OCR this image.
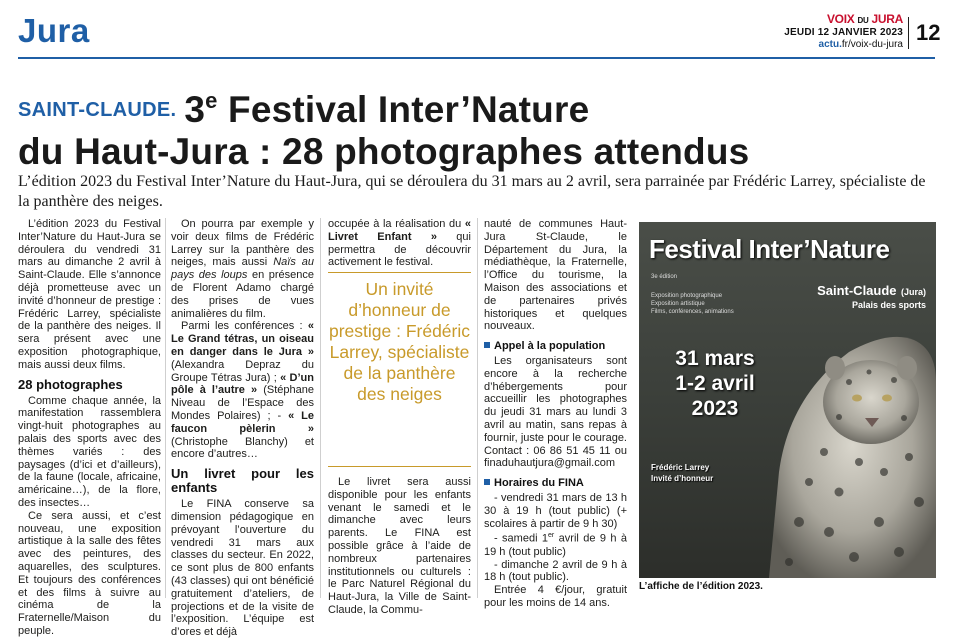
Jura	VOIX DU JURA
JEUDI 12 JANVIER 2023
actu.fr/voix-du-jura 12
SAINT-CLAUDE. 3e Festival Inter’Nature
du Haut-Jura : 28 photographes attendus
L’édition 2023 du Festival Inter’Nature du Haut-Jura, qui se déroulera du 31 mars au 2 avril, sera parrainée par Frédéric Larrey, spécialiste de la panthère des neiges.

L’édition 2023 du Festival Inter’Nature du Haut-Jura se déroulera du vendredi 31 mars au dimanche 2 avril à Saint-Claude. Elle s’annonce déjà prometteuse avec un invité d’honneur de prestige : Frédéric Larrey, spécialiste de la panthère des neiges. Il sera présent avec une exposition photographique, mais aussi deux films.

28 photographes

Comme chaque année, la manifestation rassemblera vingt-huit photographes au palais des sports avec des thèmes variés : des paysages (d’ici et d’ailleurs), de la faune (locale, africaine, américaine…), de la flore, des insectes…

Ce sera aussi, et c’est nouveau, une exposition artistique à la salle des fêtes avec des peintures, des aquarelles, des sculptures. Et toujours des conférences et des films à suivre au cinéma de la Fraternelle/Maison du peuple.

On pourra par exemple y voir deux films de Frédéric Larrey sur la panthère des neiges, mais aussi Naïs au pays des loups en présence de Florent Adamo chargé des prises de vues animalières du film.

Parmi les conférences : « Le Grand tétras, un oiseau en danger dans le Jura » (Alexandra Depraz du Groupe Tétras Jura) ; « D’un pôle à l’autre » (Stéphane Niveau de l’Espace des Mondes Polaires) ; - « Le faucon pèlerin » (Christophe Blanchy) et encore d’autres…

Un livret pour les enfants

Le FINA conserve sa dimension pédagogique en prévoyant l’ouverture du vendredi 31 mars aux classes du secteur. En 2022, ce sont plus de 800 enfants (43 classes) qui ont bénéficié gratuitement d’ateliers, de projections et de la visite de l’exposition. L’équipe est d’ores et déjà

occupée à la réalisation du « Livret Enfant » qui permettra de découvrir activement le festival.

Un invité d’honneur de prestige : Frédéric Larrey, spécialiste de la panthère des neiges

Le livret sera aussi disponible pour les enfants venant le samedi et le dimanche avec leurs parents. Le FINA est possible grâce à l’aide de nombreux partenaires institutionnels ou culturels : le Parc Naturel Régional du Haut-Jura, la Ville de Saint-Claude, la Commu-

nauté de communes Haut-Jura St-Claude, le Département du Jura, la médiathèque, la Fraternelle, l’Office du tourisme, la Maison des associations et de partenaires privés historiques et quelques nouveaux.

Appel à la population

Les organisateurs sont encore à la recherche d’hébergements pour accueillir les photographes du jeudi 31 mars au lundi 3 avril au matin, sans repas à fournir, juste pour le courage. Contact : 06 86 51 45 11 ou finaduhautjura@gmail.com

Horaires du FINA

- vendredi 31 mars de 13 h 30 à 19 h (tout public) (+ scolaires à partir de 9 h 30)

- samedi 1er avril de 9 h à 19 h (tout public)

- dimanche 2 avril de 9 h à 18 h (tout public).

Entrée 4 €/jour, gratuit pour les moins de 14 ans.

Festival Inter’Nature
3e édition
Exposition photographique
Exposition artistique
Films, conférences, animations
Saint-Claude (Jura)
Palais des sports
31 mars
1-2 avril
2023
Frédéric Larrey
Invité d’honneur
L’affiche de l’édition 2023.
